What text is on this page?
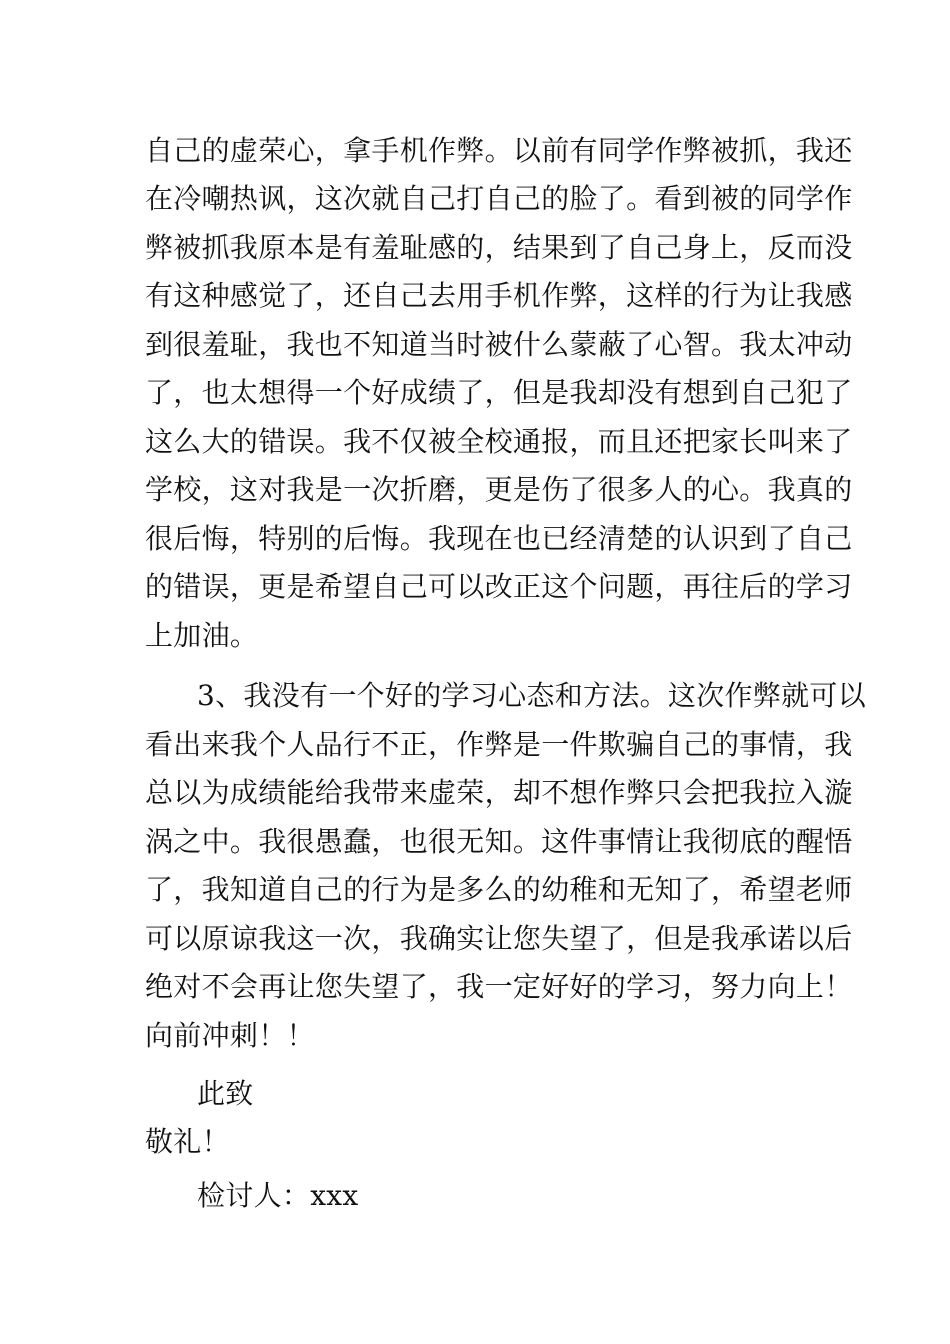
自己的虚荣心，拿手机作弊。以前有同学作弊被抓，我还
在冷嘲热讽，这次就自己打自己的脸了。看到被的同学作
弊被抓我原本是有羞耻感的，结果到了自己身上，反而没
有这种感觉了，还自己去用手机作弊，这样的行为让我感
到很羞耻，我也不知道当时被什么蒙蔽了心智。我太冲动
了，也太想得一个好成绩了，但是我却没有想到自己犯了
这么大的错误。我不仅被全校通报，而且还把家长叫来了
学校，这对我是一次折磨，更是伤了很多人的心。我真的
很后悔，特别的后悔。我现在也已经清楚的认识到了自己
的错误，更是希望自己可以改正这个问题，再往后的学习
上加油。
3、我没有一个好的学习心态和方法。这次作弊就可以
看出来我个人品行不正，作弊是一件欺骗自己的事情，我
总以为成绩能给我带来虚荣，却不想作弊只会把我拉入漩
涡之中。我很愚蠢，也很无知。这件事情让我彻底的醒悟
了，我知道自己的行为是多么的幼稚和无知了，希望老师
可以原谅我这一次，我确实让您失望了，但是我承诺以后
绝对不会再让您失望了，我一定好好的学习，努力向上！
向前冲刺！！
此致
敬礼！
检讨人：xxx
